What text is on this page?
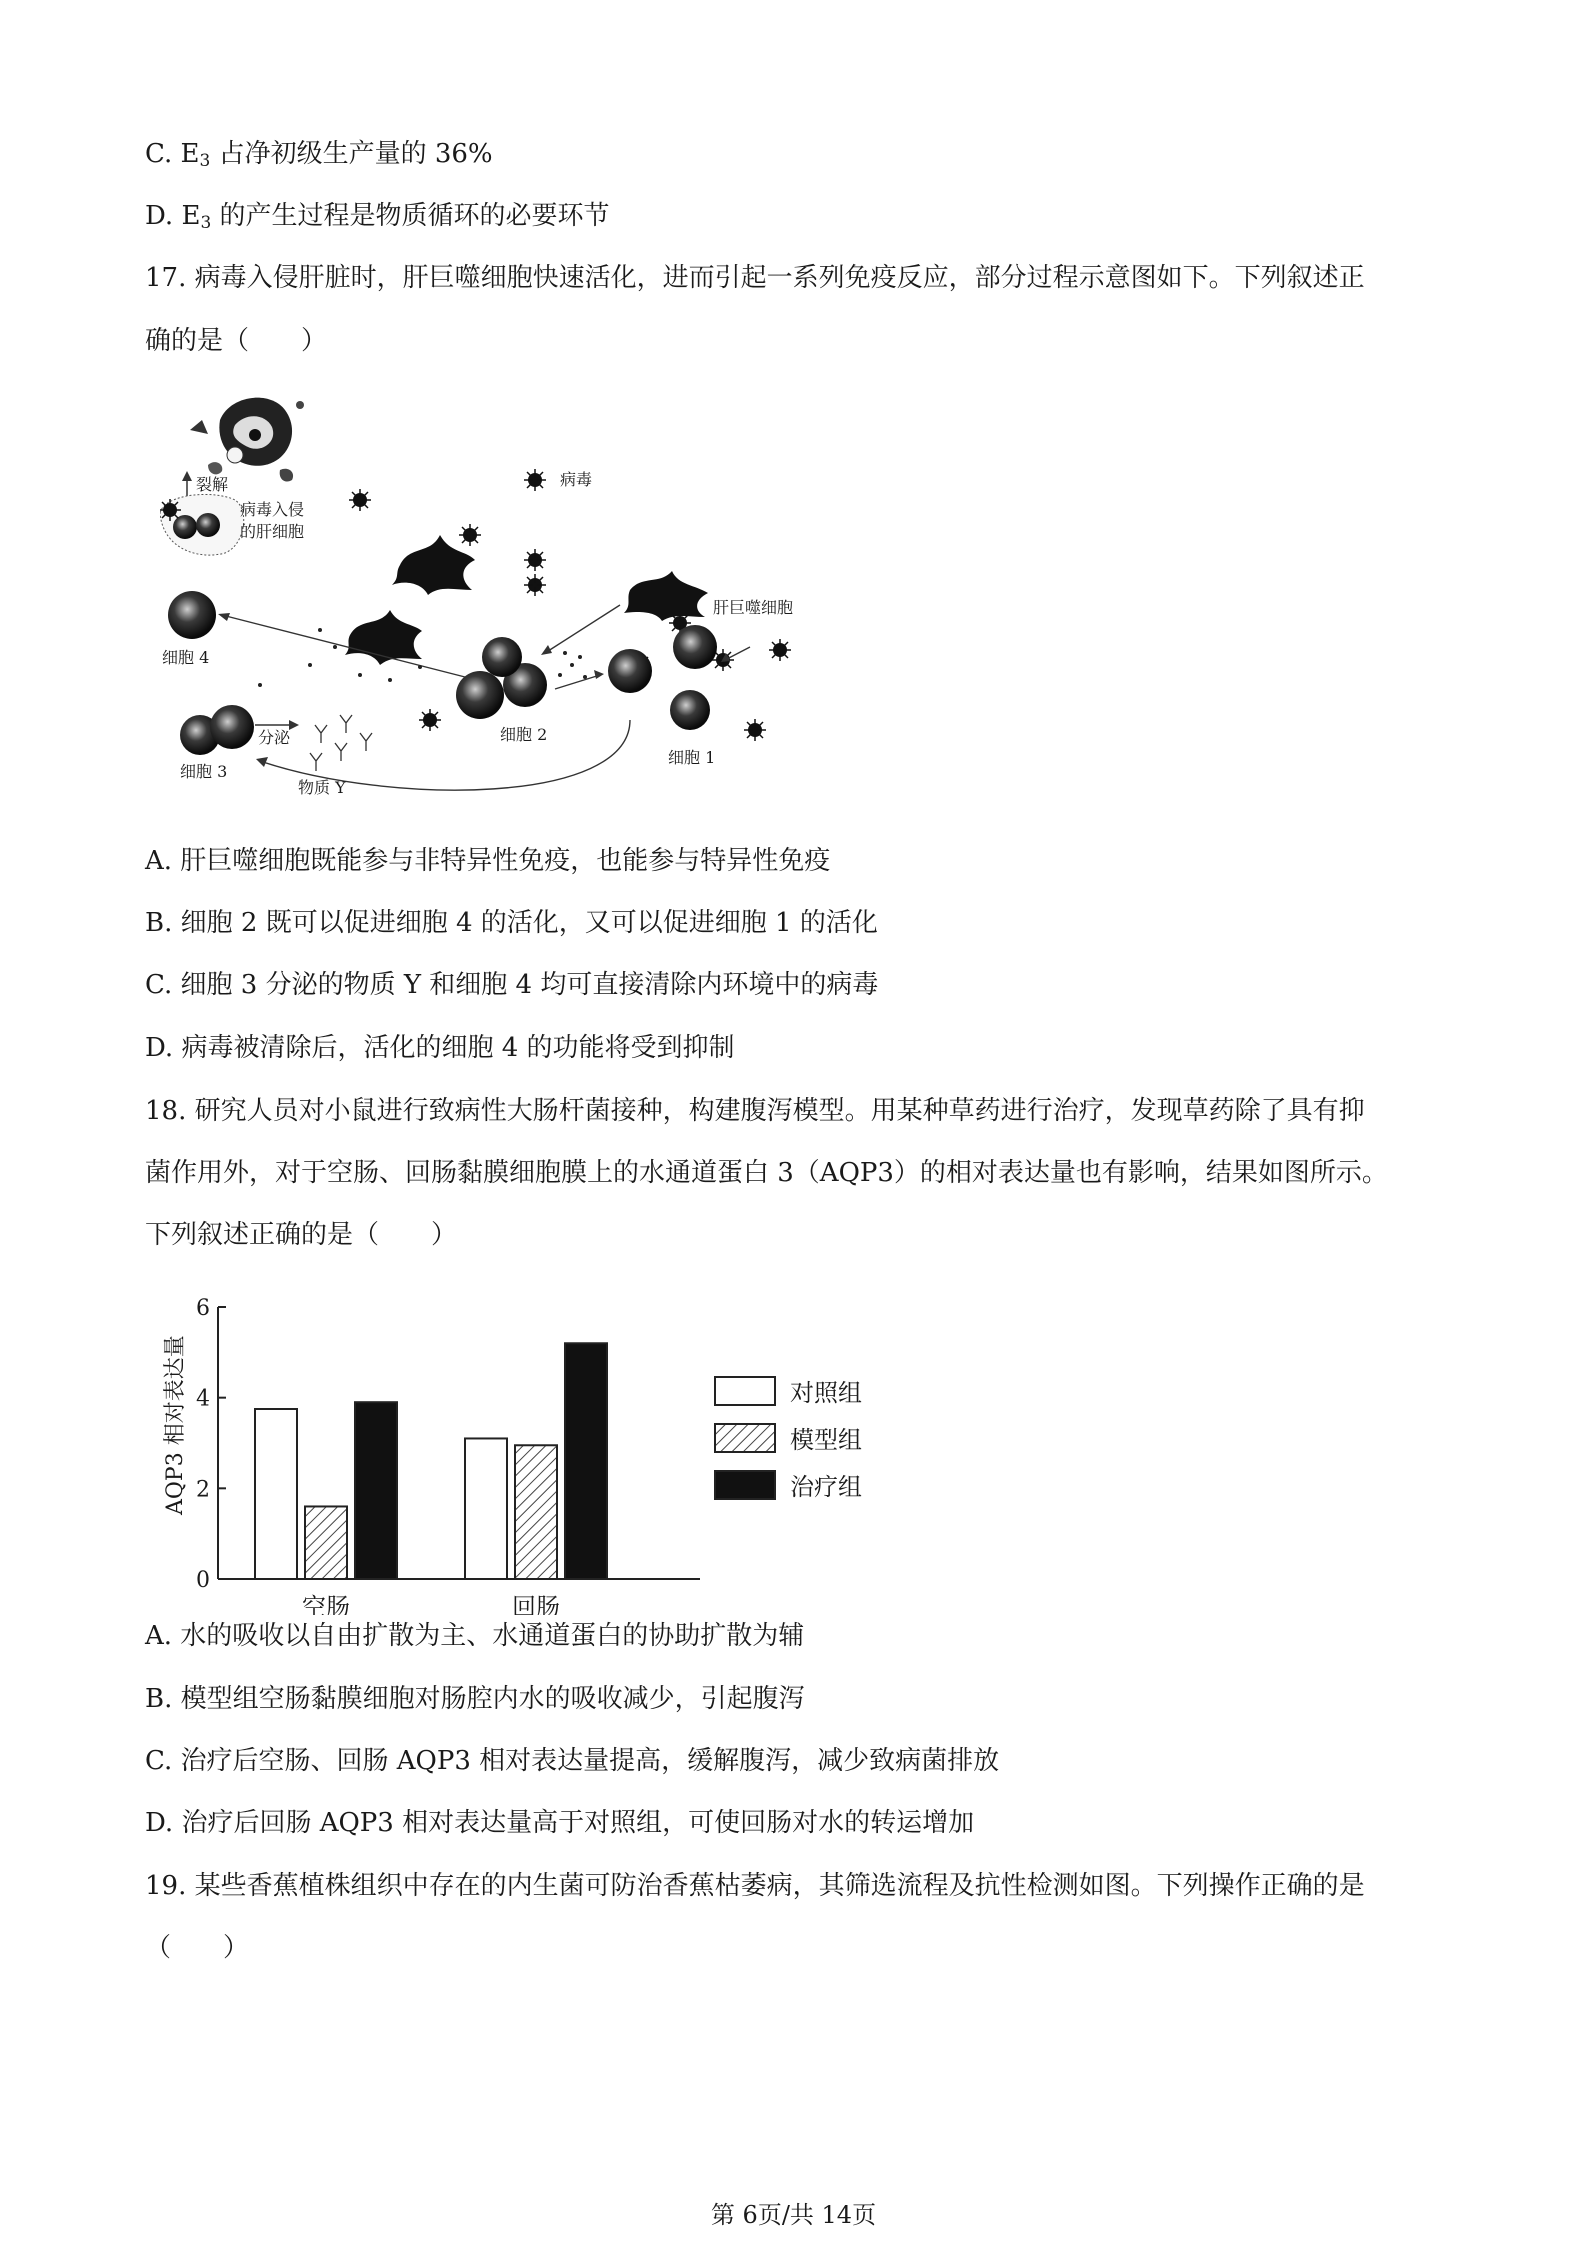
C. $E_3$ 占净初级生产量的 36%
D. $E_3$ 的产生过程是物质循环的必要环节
17. 病毒入侵肝脏时，肝巨噬细胞快速活化，进而引起一系列免疫反应，部分过程示意图如下。下列叙述正
确的是（　　）
裂解
病毒入侵
的肝细胞
病毒
肝巨噬细胞
细胞 4
细胞 3
细胞 2
细胞 1
分泌
物质 Y
A. 肝巨噬细胞既能参与非特异性免疫，也能参与特异性免疫
B. 细胞 2 既可以促进细胞 4 的活化，又可以促进细胞 1 的活化
C. 细胞 3 分泌的物质 Y 和细胞 4 均可直接清除内环境中的病毒
D. 病毒被清除后，活化的细胞 4 的功能将受到抑制
18. 研究人员对小鼠进行致病性大肠杆菌接种，构建腹泻模型。用某种草药进行治疗，发现草药除了具有抑
菌作用外，对于空肠、回肠黏膜细胞膜上的水通道蛋白 3（AQP3）的相对表达量也有影响，结果如图所示。
下列叙述正确的是（　　）
AQP3 相对表达量
0
2
4
6
空肠	回肠
对照组
模型组
治疗组
A. 水的吸收以自由扩散为主、水通道蛋白的协助扩散为辅
B. 模型组空肠黏膜细胞对肠腔内水的吸收减少，引起腹泻
C. 治疗后空肠、回肠 AQP3 相对表达量提高，缓解腹泻，减少致病菌排放
D. 治疗后回肠 AQP3 相对表达量高于对照组，可使回肠对水的转运增加
19. 某些香蕉植株组织中存在的内生菌可防治香蕉枯萎病，其筛选流程及抗性检测如图。下列操作正确的是
（　　）
第 6页/共 14页
